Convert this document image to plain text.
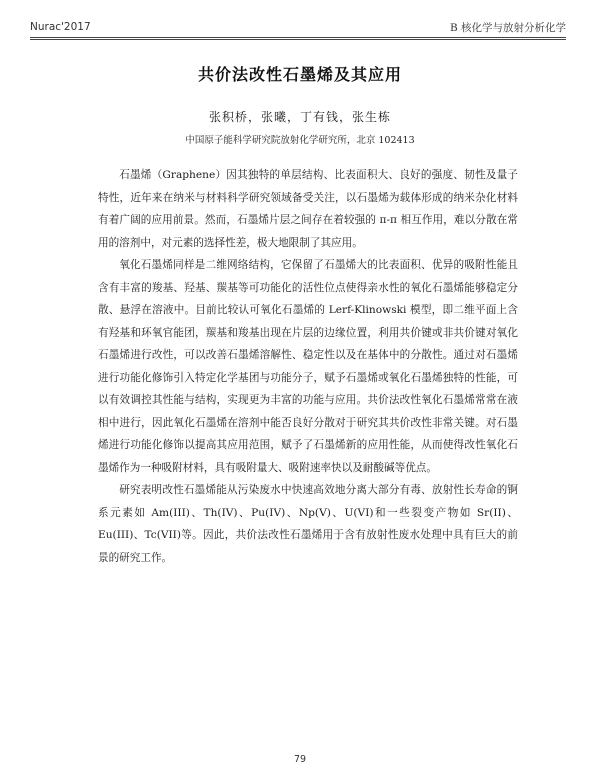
Nurac'2017	B 核化学与放射分析化学
共价法改性石墨烯及其应用
张积桥，张曦，丁有钱，张生栋
中国原子能科学研究院放射化学研究所，北京 102413

石墨烯（Graphene）因其独特的单层结构、比表面积大、良好的强度、韧性及量子特性，近年来在纳米与材料科学研究领域备受关注，以石墨烯为载体形成的纳米杂化材料有着广阔的应用前景。然而，石墨烯片层之间存在着较强的 π-π 相互作用，难以分散在常用的溶剂中，对元素的选择性差，极大地限制了其应用。

氧化石墨烯同样是二维网络结构，它保留了石墨烯大的比表面积、优异的吸附性能且含有丰富的羧基、羟基、羰基等可功能化的活性位点使得亲水性的氧化石墨烯能够稳定分散、悬浮在溶液中。目前比较认可氧化石墨烯的 Lerf-Klinowski 模型，即二维平面上含有羟基和环氧官能团，羰基和羧基出现在片层的边缘位置，利用共价键或非共价键对氧化石墨烯进行改性，可以改善石墨烯溶解性、稳定性以及在基体中的分散性。通过对石墨烯进行功能化修饰引入特定化学基团与功能分子，赋予石墨烯或氧化石墨烯独特的性能，可以有效调控其性能与结构，实现更为丰富的功能与应用。共价法改性氧化石墨烯常常在液相中进行，因此氧化石墨烯在溶剂中能否良好分散对于研究其共价改性非常关键。对石墨烯进行功能化修饰以提高其应用范围，赋予了石墨烯新的应用性能，从而使得改性氧化石墨烯作为一种吸附材料，具有吸附量大、吸附速率快以及耐酸碱等优点。

研究表明改性石墨烯能从污染废水中快速高效地分离大部分有毒、放射性长寿命的锕系元素如 Am(III)、Th(IV)、Pu(IV)、Np(V)、U(VI)和一些裂变产物如 Sr(II)、Eu(III)、Tc(VII)等。因此，共价法改性石墨烯用于含有放射性废水处理中具有巨大的前景的研究工作。

79
